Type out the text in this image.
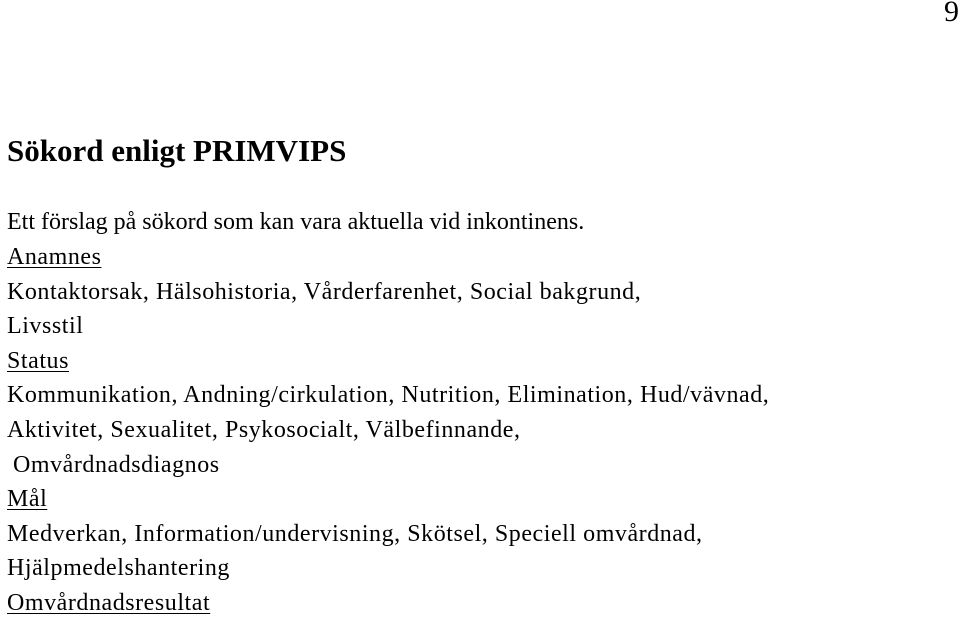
9
Sökord enligt PRIMVIPS

Ett förslag på sökord som kan vara aktuella vid inkontinens.

Anamnes
Kontaktorsak, Hälsohistoria, Vårderfarenhet, Social bakgrund,
Livsstil
Status
Kommunikation, Andning/cirkulation, Nutrition, Elimination, Hud/vävnad,
Aktivitet, Sexualitet, Psykosocialt, Välbefinnande,
Omvårdnadsdiagnos
Mål
Medverkan, Information/undervisning, Skötsel, Speciell omvårdnad,
Hjälpmedelshantering
Omvårdnadsresultat
